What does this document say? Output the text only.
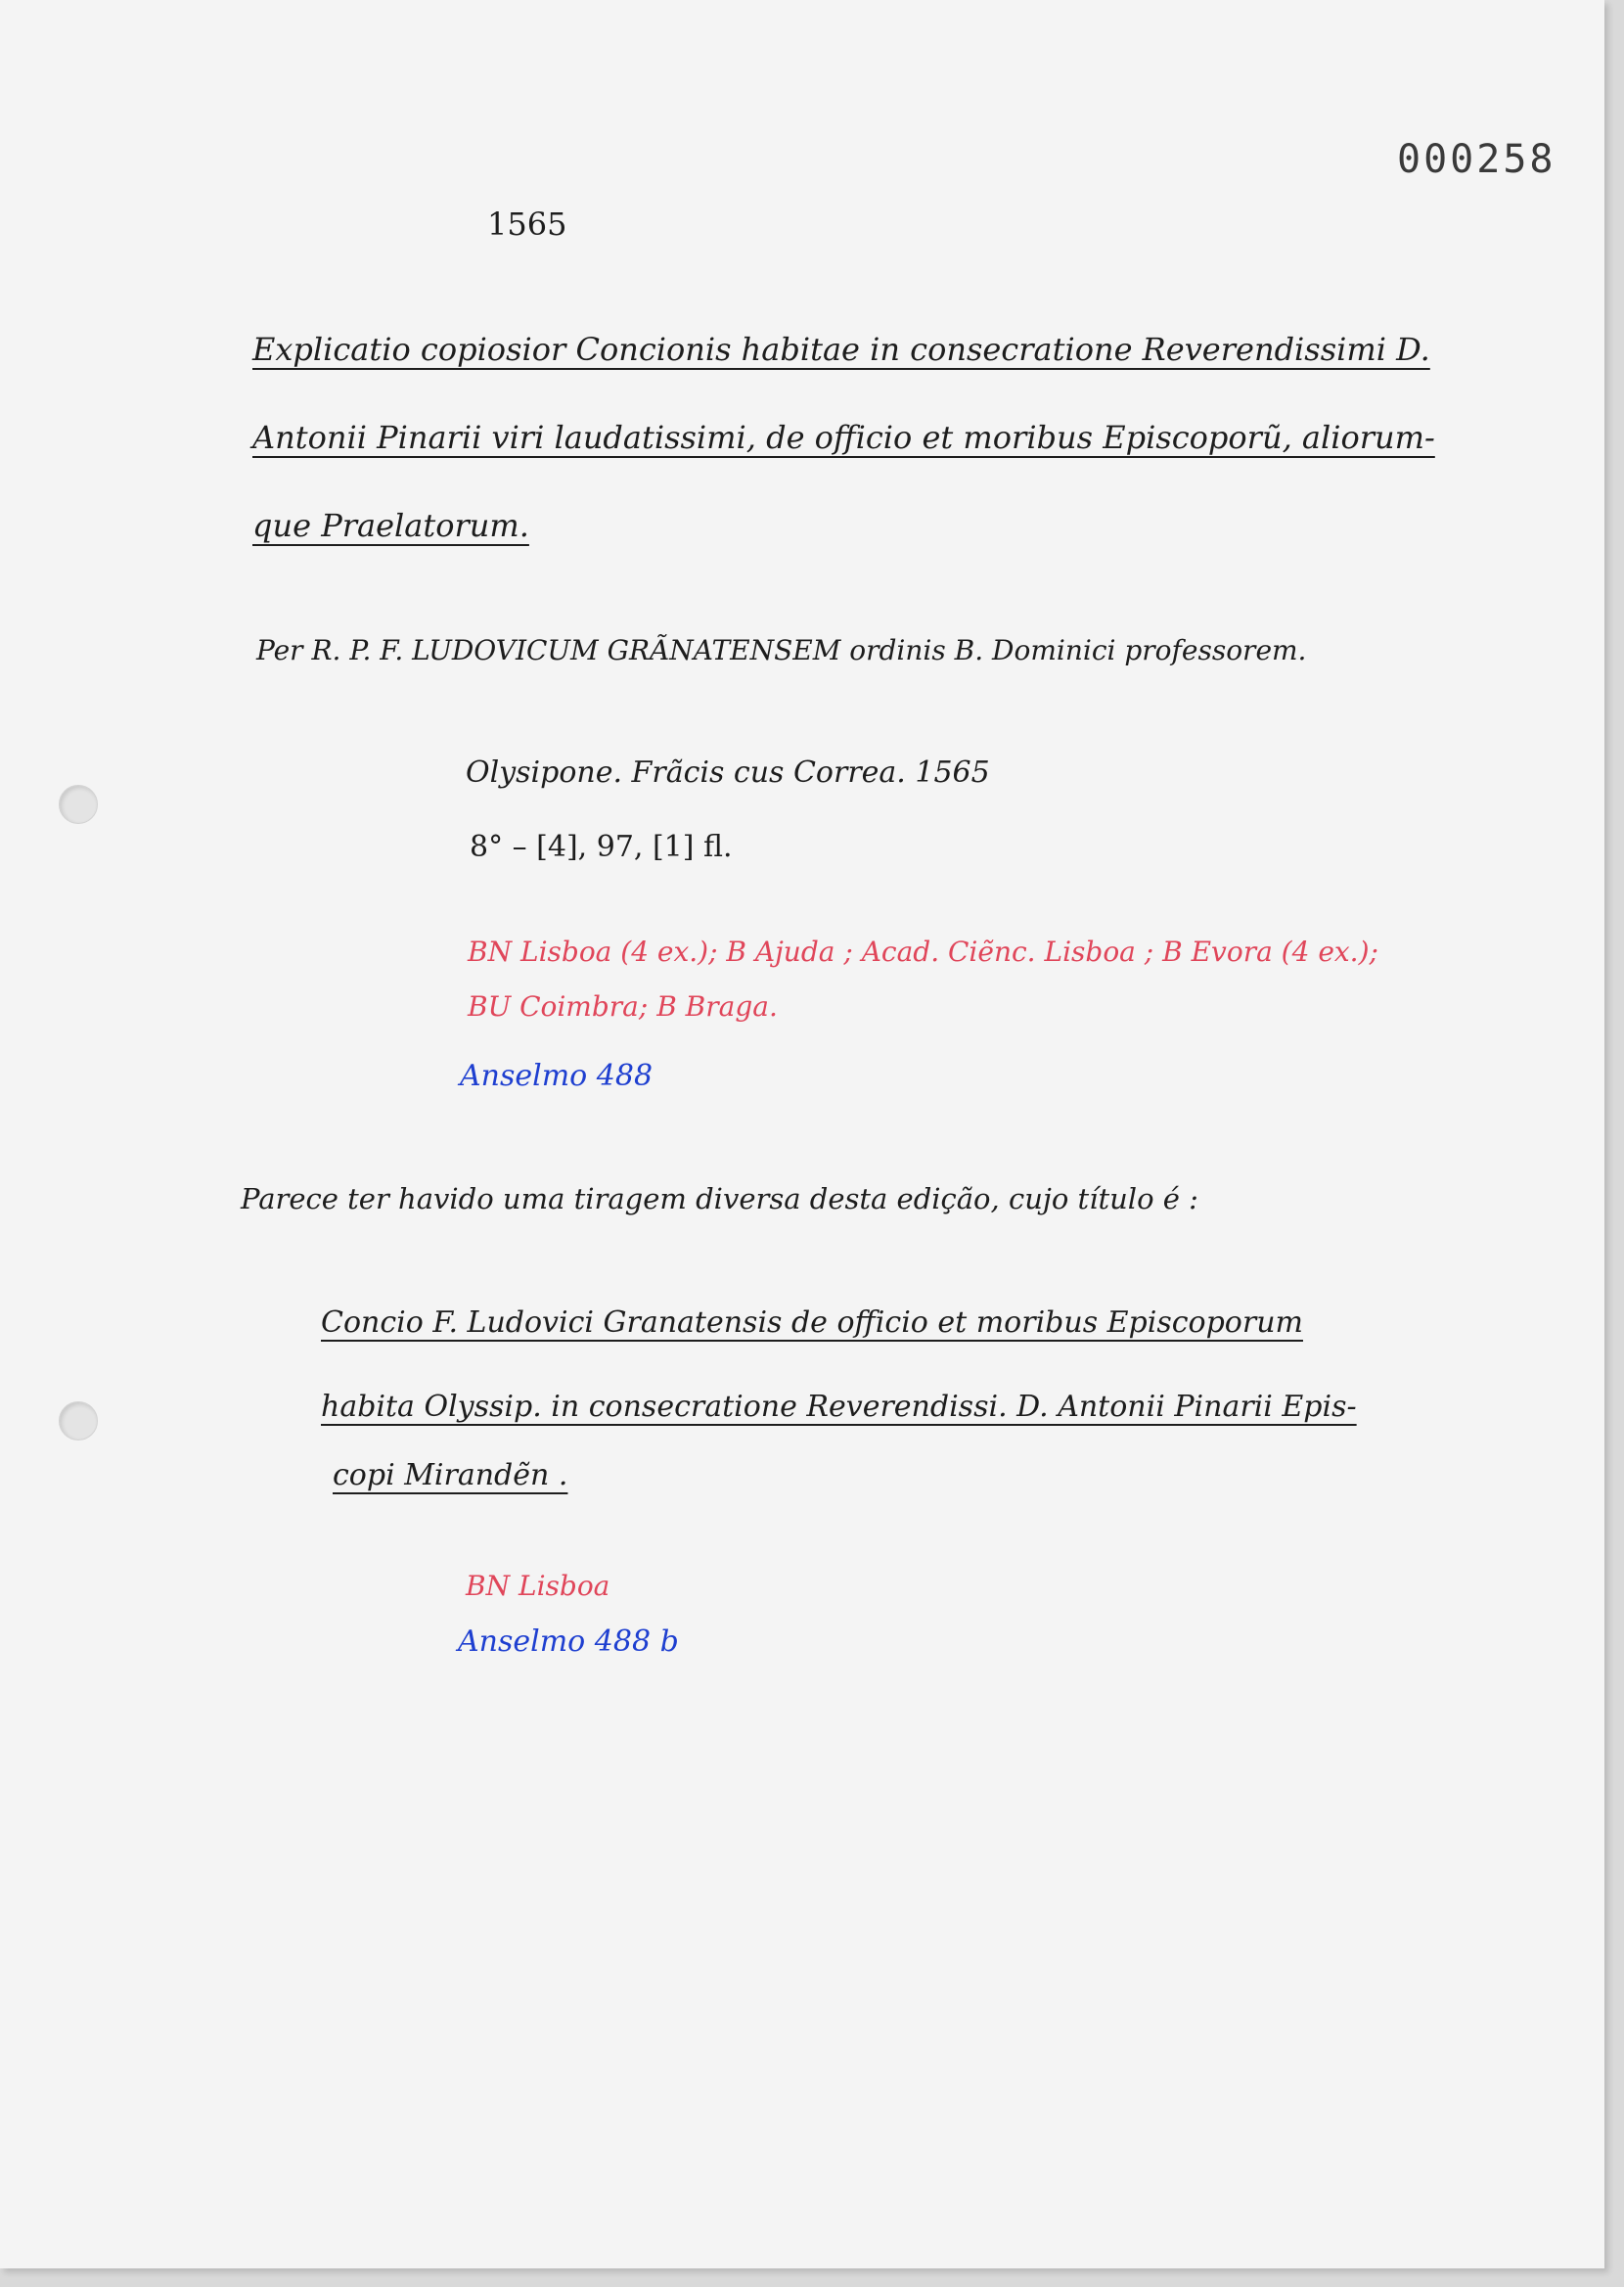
000258
1565
Explicatio copiosior Concionis habitae in consecratione Reverendissimi D.
Antonii Pinarii viri laudatissimi, de officio et moribus Episcoporũ, aliorum-
que Praelatorum.
Per R. P. F. LUDOVICUM GRÃNATENSEM ordinis B. Dominici professorem.
Olysipone. Frãcis cus Correa. 1565
8° – [4], 97, [1] fl.
BN Lisboa (4 ex.); B Ajuda ; Acad. Ciẽnc. Lisboa ; B Evora (4 ex.);
BU Coimbra; B Braga.
Anselmo 488
Parece ter havido uma tiragem diversa desta edição, cujo título é :
Concio F. Ludovici Granatensis de officio et moribus Episcoporum
habita Olyssip. in consecratione Reverendissi. D. Antonii Pinarii Epis-
copi Mirandẽn .
BN Lisboa
Anselmo 488 b
